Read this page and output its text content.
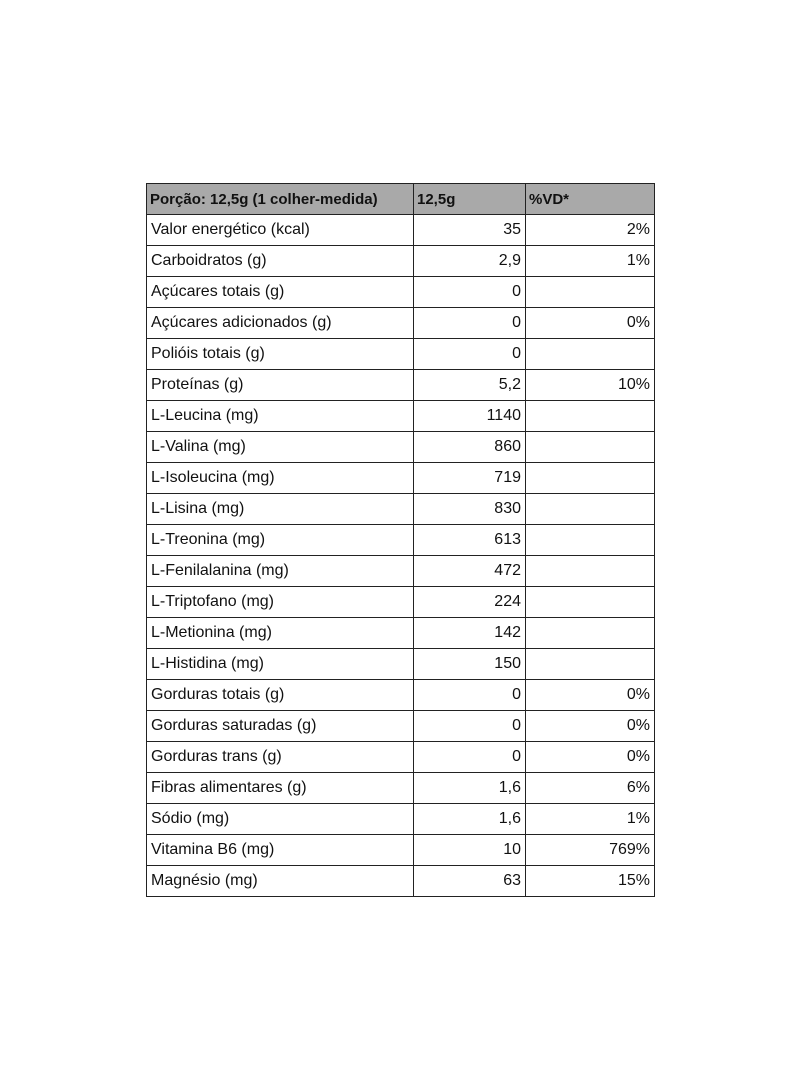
Porção: 12,5g (1 colher-medida)	12,5g	%VD*
Valor energético (kcal)	35	2%
Carboidratos (g)	2,9	1%
Açúcares totais (g)	0	
Açúcares adicionados (g)	0	0%
Polióis totais (g)	0	
Proteínas (g)	5,2	10%
L-Leucina (mg)	1140	
L-Valina (mg)	860	
L-Isoleucina (mg)	719	
L-Lisina (mg)	830	
L-Treonina (mg)	613	
L-Fenilalanina (mg)	472	
L-Triptofano (mg)	224	
L-Metionina (mg)	142	
L-Histidina (mg)	150	
Gorduras totais (g)	0	0%
Gorduras saturadas (g)	0	0%
Gorduras trans (g)	0	0%
Fibras alimentares (g)	1,6	6%
Sódio (mg)	1,6	1%
Vitamina B6 (mg)	10	769%
Magnésio (mg)	63	15%
